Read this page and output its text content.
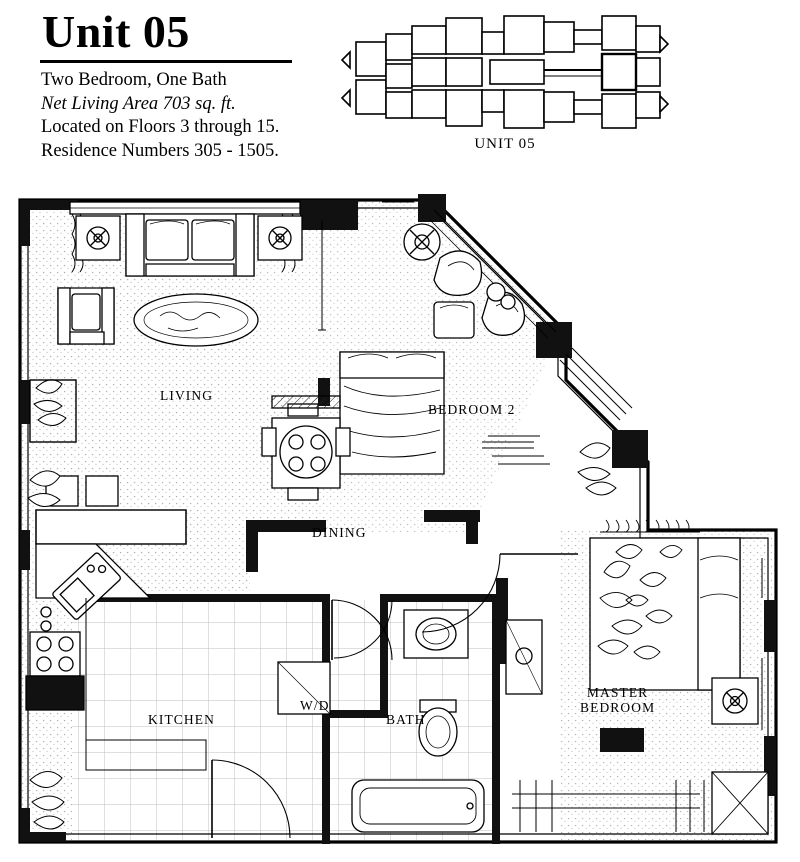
Unit 05
Two Bedroom, One Bath
Net Living Area 703 sq. ft.
Located on Floors 3 through 15.
Residence Numbers 305 - 1505.	UNIT 05
LIVING
BEDROOM 2
DINING
KITCHEN
W/D
BATH
MASTER
BEDROOM
